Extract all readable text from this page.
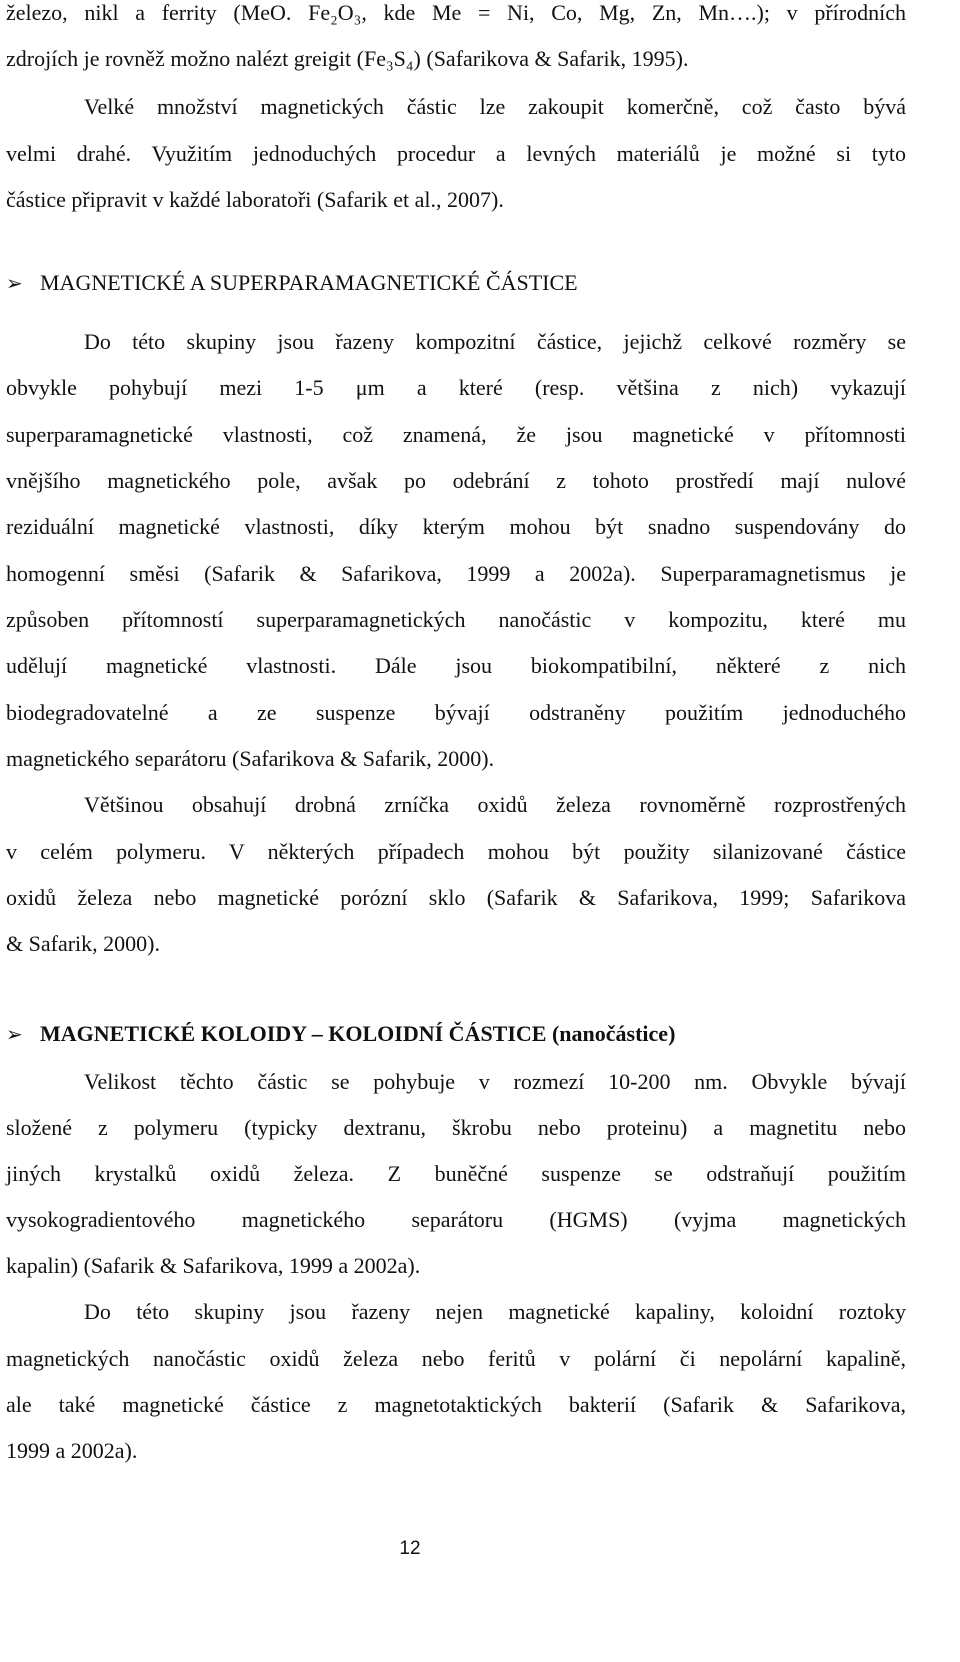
železo, nikl a ferrity (MeO. Fe₂O₃, kde Me = Ni, Co, Mg, Zn, Mn….); v přírodních
zdrojích je rovněž možno nalézt greigit (Fe₃S₄) (Safarikova & Safarik, 1995).
Velké množství magnetických částic lze zakoupit komerčně, což často bývá
velmi drahé. Využitím jednoduchých procedur a levných materiálů je možné si tyto
částice připravit v každé laboratoři (Safarik et al., 2007).
➢ MAGNETICKÉ A SUPERPARAMAGNETICKÉ ČÁSTICE
Do této skupiny jsou řazeny kompozitní částice, jejichž celkové rozměry se
obvykle pohybují mezi 1-5 μm a které (resp. většina z nich) vykazují
superparamagnetické vlastnosti, což znamená, že jsou magnetické v přítomnosti
vnějšího magnetického pole, avšak po odebrání z tohoto prostředí mají nulové
reziduální magnetické vlastnosti, díky kterým mohou být snadno suspendovány do
homogenní směsi (Safarik & Safarikova, 1999 a 2002a). Superparamagnetismus je
způsoben přítomností superparamagnetických nanočástic v kompozitu, které mu
udělují magnetické vlastnosti. Dále jsou biokompatibilní, některé z nich
biodegradovatelné a ze suspenze bývají odstraněny použitím jednoduchého
magnetického separátoru (Safarikova & Safarik, 2000).
Většinou obsahují drobná zrníčka oxidů železa rovnoměrně rozprostřených
v celém polymeru. V některých případech mohou být použity silanizované částice
oxidů železa nebo magnetické porózní sklo (Safarik & Safarikova, 1999; Safarikova
& Safarik, 2000).
➢ MAGNETICKÉ KOLOIDY – KOLOIDNÍ ČÁSTICE (nanočástice)
Velikost těchto částic se pohybuje v rozmezí 10-200 nm. Obvykle bývají
složené z polymeru (typicky dextranu, škrobu nebo proteinu) a magnetitu nebo
jiných krystalků oxidů železa. Z buněčné suspenze se odstraňují použitím
vysokogradientového magnetického separátoru (HGMS) (vyjma magnetických
kapalin) (Safarik & Safarikova, 1999 a 2002a).
Do této skupiny jsou řazeny nejen magnetické kapaliny, koloidní roztoky
magnetických nanočástic oxidů železa nebo feritů v polární či nepolární kapalině,
ale také magnetické částice z magnetotaktických bakterií (Safarik & Safarikova,
1999 a 2002a).
12
